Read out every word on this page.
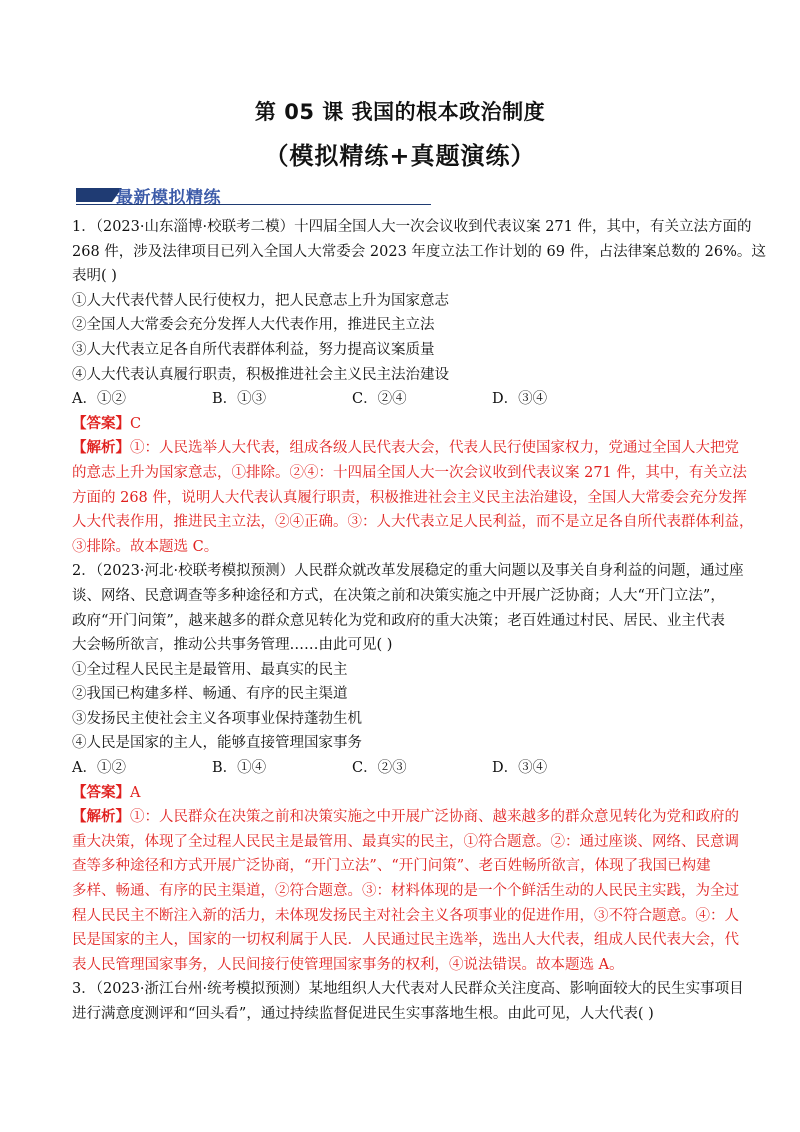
第 05 课 我国的根本政治制度
（模拟精练+真题演练）
最新模拟精练
1．（2023·山东淄博·校联考二模）十四届全国人大一次会议收到代表议案 271 件，其中，有关立法方面的
268 件，涉及法律项目已列入全国人大常委会 2023 年度立法工作计划的 69 件，占法律案总数的 26%。这
表明( )
①人大代表代替人民行使权力，把人民意志上升为国家意志
②全国人大常委会充分发挥人大代表作用，推进民主立法
③人大代表立足各自所代表群体利益，努力提高议案质量
④人大代表认真履行职责，积极推进社会主义民主法治建设
A．①②	B．①③	C．②④	D．③④
【答案】C
【解析】①：人民选举人大代表，组成各级人民代表大会，代表人民行使国家权力，党通过全国人大把党
的意志上升为国家意志，①排除。②④：十四届全国人大一次会议收到代表议案 271 件，其中，有关立法
方面的 268 件，说明人大代表认真履行职责，积极推进社会主义民主法治建设，全国人大常委会充分发挥
人大代表作用，推进民主立法，②④正确。③：人大代表立足人民利益，而不是立足各自所代表群体利益，
③排除。故本题选 C。
2．（2023·河北·校联考模拟预测）人民群众就改革发展稳定的重大问题以及事关自身利益的问题，通过座
谈、网络、民意调查等多种途径和方式，在决策之前和决策实施之中开展广泛协商；人大“开门立法”，
政府“开门问策”，越来越多的群众意见转化为党和政府的重大决策；老百姓通过村民、居民、业主代表
大会畅所欲言，推动公共事务管理……由此可见( )
①全过程人民民主是最管用、最真实的民主
②我国已构建多样、畅通、有序的民主渠道
③发扬民主使社会主义各项事业保持蓬勃生机
④人民是国家的主人，能够直接管理国家事务
A．①②	B．①④	C．②③	D．③④
【答案】A
【解析】①：人民群众在决策之前和决策实施之中开展广泛协商、越来越多的群众意见转化为党和政府的
重大决策，体现了全过程人民民主是最管用、最真实的民主，①符合题意。②：通过座谈、网络、民意调
查等多种途径和方式开展广泛协商，“开门立法”、“开门问策”、老百姓畅所欲言，体现了我国已构建
多样、畅通、有序的民主渠道，②符合题意。③：材料体现的是一个个鲜活生动的人民民主实践，为全过
程人民民主不断注入新的活力，未体现发扬民主对社会主义各项事业的促进作用，③不符合题意。④：人
民是国家的主人，国家的一切权利属于人民．人民通过民主选举，选出人大代表，组成人民代表大会，代
表人民管理国家事务，人民间接行使管理国家事务的权利，④说法错误。故本题选 A。
3．（2023·浙江台州·统考模拟预测）某地组织人大代表对人民群众关注度高、影响面较大的民生实事项目
进行满意度测评和“回头看”，通过持续监督促进民生实事落地生根。由此可见，人大代表( )
